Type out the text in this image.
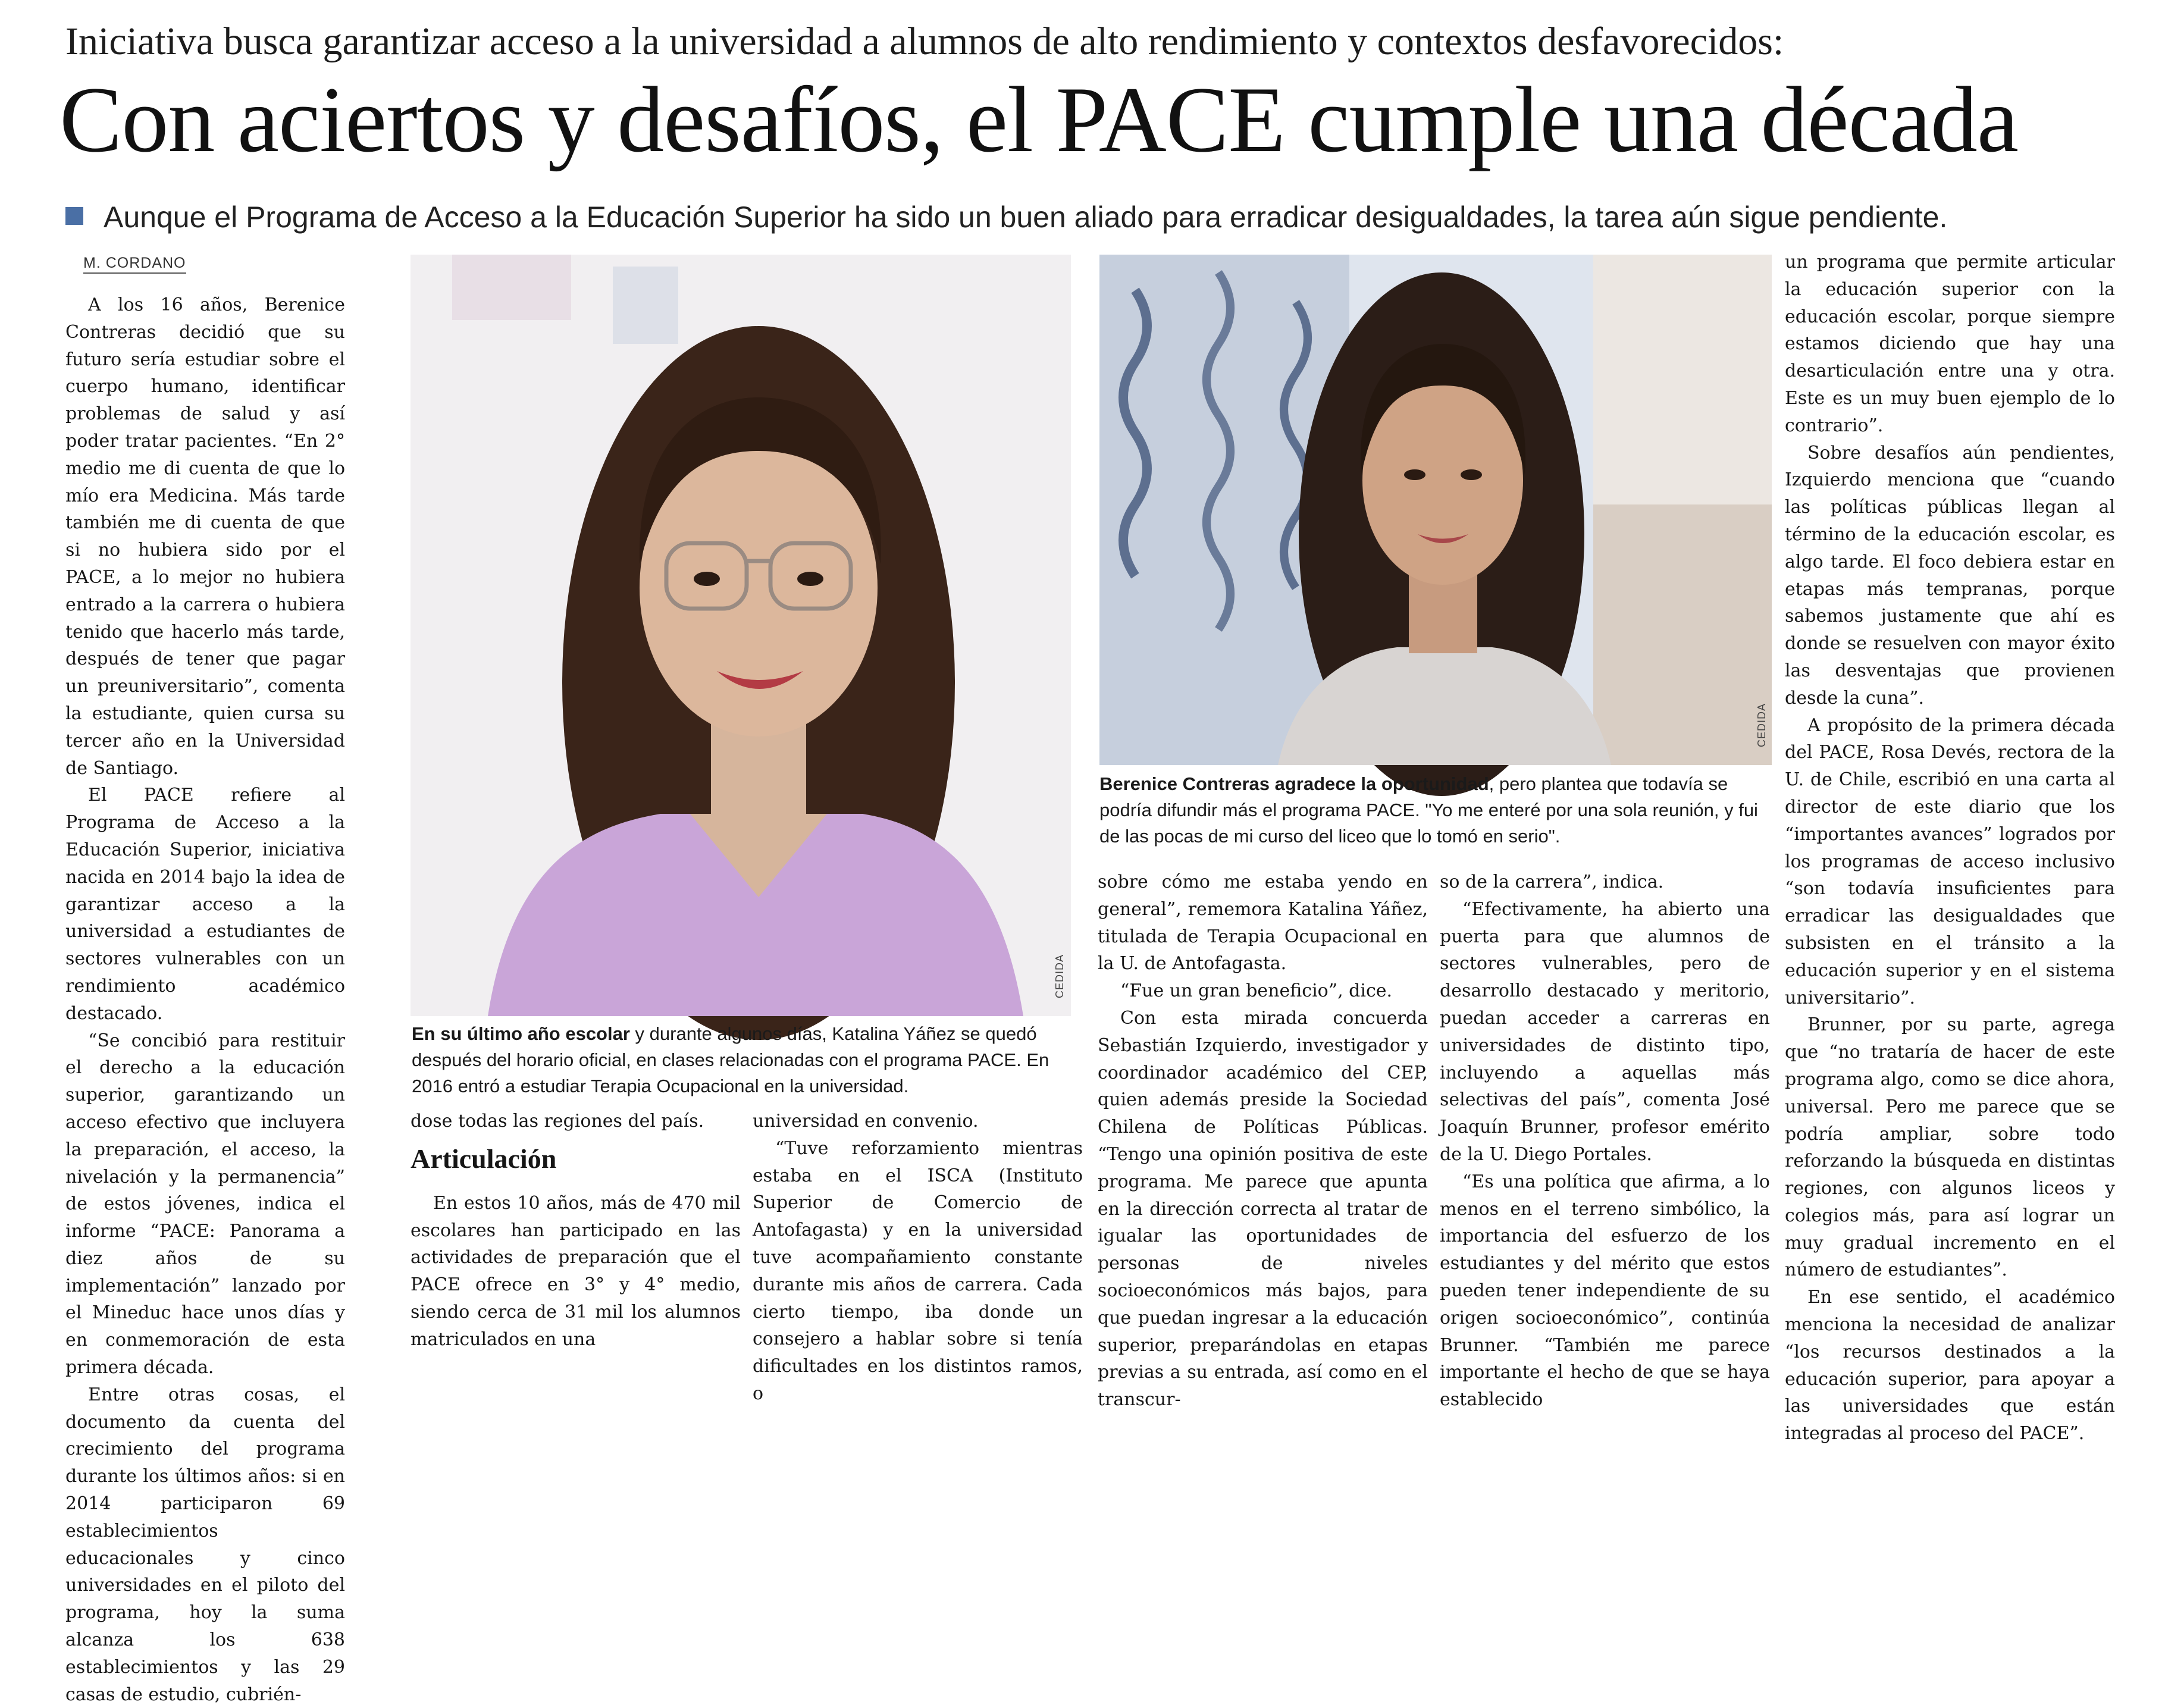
Iniciativa busca garantizar acceso a la universidad a alumnos de alto rendimiento y contextos desfavorecidos:
Con aciertos y desafíos, el PACE cumple una década
Aunque el Programa de Acceso a la Educación Superior ha sido un buen aliado para erradicar desigualdades, la tarea aún sigue pendiente.
M. CORDANO

A los 16 años, Berenice Contreras decidió que su futuro sería estudiar sobre el cuerpo humano, identificar problemas de salud y así poder tratar pacientes. “En 2° medio me di cuenta de que lo mío era Medicina. Más tarde también me di cuenta de que si no hubiera sido por el PACE, a lo mejor no hubiera entrado a la carrera o hubiera tenido que hacerlo más tarde, después de tener que pagar un preuniversitario”, comenta la estudiante, quien cursa su tercer año en la Universidad de Santiago.

El PACE refiere al Programa de Acceso a la Educación Superior, iniciativa nacida en 2014 bajo la idea de garantizar acceso a la universidad a estudiantes de sectores vulnerables con un rendimiento académico destacado.

“Se concibió para restituir el derecho a la educación superior, garantizando un acceso efectivo que incluyera la preparación, el acceso, la nivelación y la permanencia” de estos jóvenes, indica el informe “PACE: Panorama a diez años de su implementación” lanzado por el Mineduc hace unos días y en conmemoración de esta primera década.

Entre otras cosas, el documento da cuenta del crecimiento del programa durante los últimos años: si en 2014 participaron 69 establecimientos educacionales y cinco universidades en el piloto del programa, hoy la suma alcanza los 638 establecimientos y las 29 casas de estudio, cubrién-

CEDIDA
En su último año escolar y durante algunos días, Katalina Yáñez se quedó después del horario oficial, en clases relacionadas con el programa PACE. En 2016 entró a estudiar Terapia Ocupacional en la universidad.
CEDIDA
Berenice Contreras agradece la oportunidad, pero plantea que todavía se podría difundir más el programa PACE. "Yo me enteré por una sola reunión, y fui de las pocas de mi curso del liceo que lo tomó en serio".

dose todas las regiones del país.

Articulación

En estos 10 años, más de 470 mil escolares han participado en las actividades de preparación que el PACE ofrece en 3° y 4° medio, siendo cerca de 31 mil los alumnos matriculados en una

universidad en convenio.

“Tuve reforzamiento mientras estaba en el ISCA (Instituto Superior de Comercio de Antofagasta) y en la universidad tuve acompañamiento constante durante mis años de carrera. Cada cierto tiempo, iba donde un consejero a hablar sobre si tenía dificultades en los distintos ramos, o

sobre cómo me estaba yendo en general”, rememora Katalina Yáñez, titulada de Terapia Ocupacional en la U. de Antofagasta.

“Fue un gran beneficio”, dice.

Con esta mirada concuerda Sebastián Izquierdo, investigador y coordinador académico del CEP, quien además preside la Sociedad Chilena de Políticas Públicas. “Tengo una opinión positiva de este programa. Me parece que apunta en la dirección correcta al tratar de igualar las oportunidades de personas de niveles socioeconómicos más bajos, para que puedan ingresar a la educación superior, preparándolas en etapas previas a su entrada, así como en el transcur-

so de la carrera”, indica.

“Efectivamente, ha abierto una puerta para que alumnos de sectores vulnerables, pero de desarrollo destacado y meritorio, puedan acceder a carreras en universidades de distinto tipo, incluyendo a aquellas más selectivas del país”, comenta José Joaquín Brunner, profesor emérito de la U. Diego Portales.

“Es una política que afirma, a lo menos en el terreno simbólico, la importancia del esfuerzo de los estudiantes y del mérito que estos pueden tener independiente de su origen socioeconómico”, continúa Brunner. “También me parece importante el hecho de que se haya establecido

un programa que permite articular la educación superior con la educación escolar, porque siempre estamos diciendo que hay una desarticulación entre una y otra. Este es un muy buen ejemplo de lo contrario”.

Sobre desafíos aún pendientes, Izquierdo menciona que “cuando las políticas públicas llegan al término de la educación escolar, es algo tarde. El foco debiera estar en etapas más tempranas, porque sabemos justamente que ahí es donde se resuelven con mayor éxito las desventajas que provienen desde la cuna”.

A propósito de la primera década del PACE, Rosa Devés, rectora de la U. de Chile, escribió en una carta al director de este diario que los “importantes avances” logrados por los programas de acceso inclusivo “son todavía insuficientes para erradicar las desigualdades que subsisten en el tránsito a la educación superior y en el sistema universitario”.

Brunner, por su parte, agrega que “no trataría de hacer de este programa algo, como se dice ahora, universal. Pero me parece que se podría ampliar, sobre todo reforzando la búsqueda en distintas regiones, con algunos liceos y colegios más, para así lograr un muy gradual incremento en el número de estudiantes”.

En ese sentido, el académico menciona la necesidad de analizar “los recursos destinados a la educación superior, para apoyar a las universidades que están integradas al proceso del PACE”.
